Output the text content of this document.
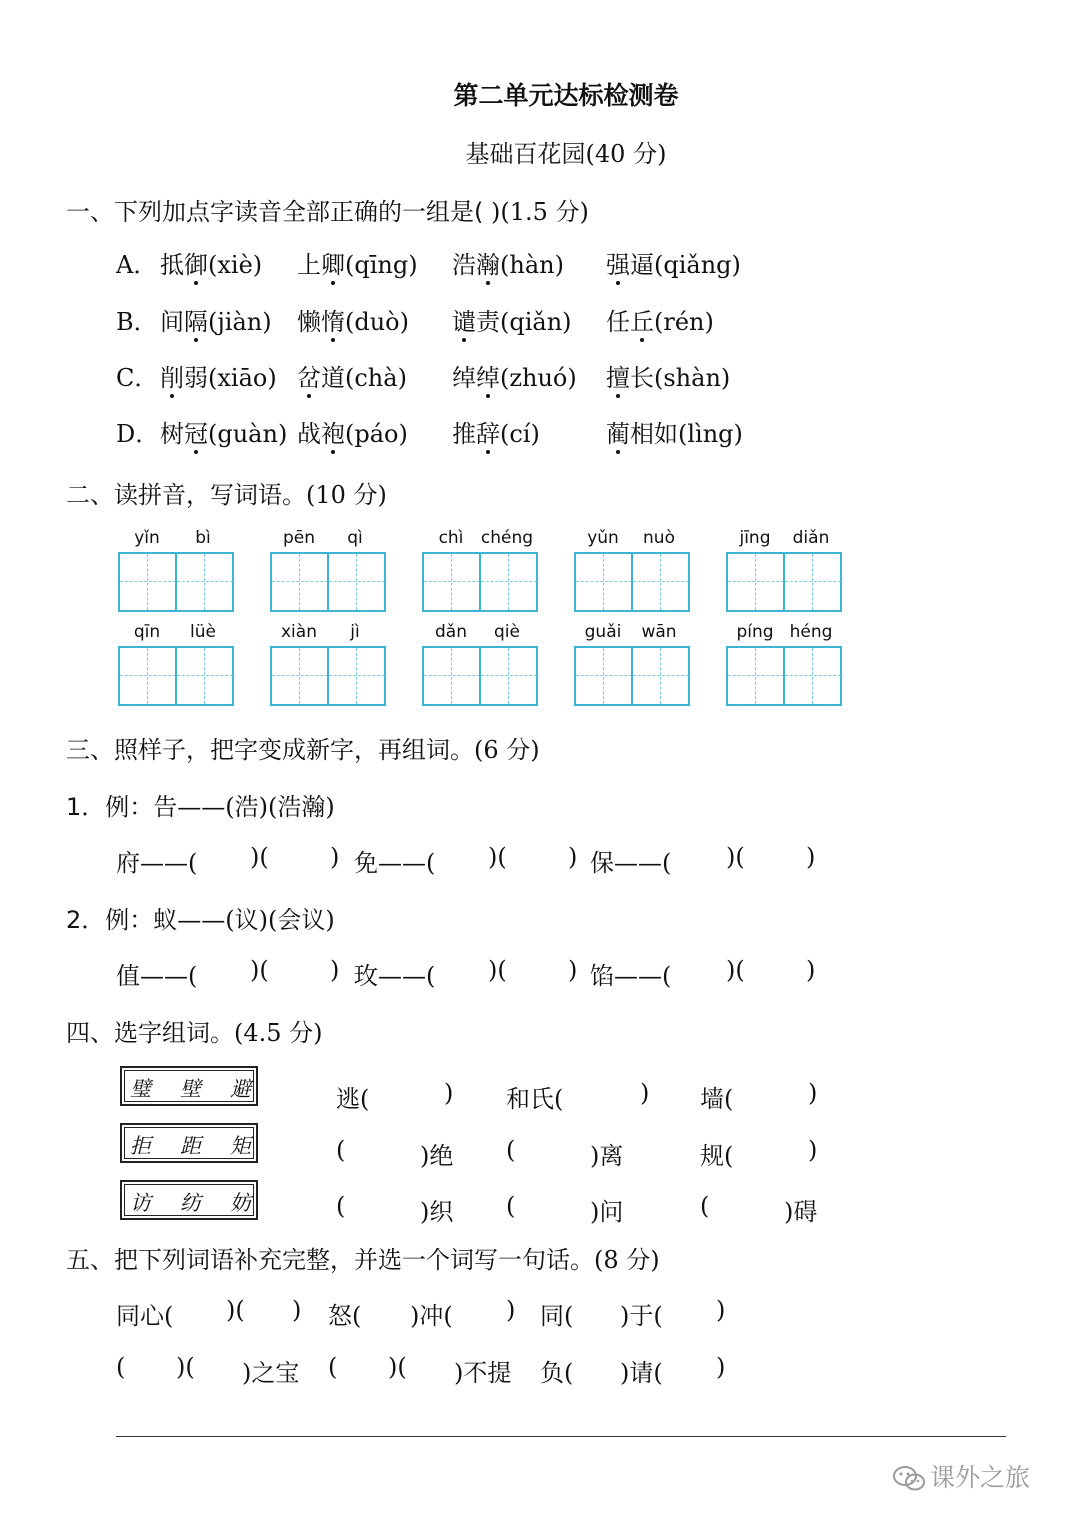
第二单元达标检测卷
基础百花园(40 分)
一、下列加点字读音全部正确的一组是( )(1.5 分)
A． 抵御(xiè) 上卿(qīng) 浩瀚(hàn) 强逼(qiǎng)
B． 间隔(jiàn) 懒惰(duò) 谴责(qiǎn) 任丘(rén)
C． 削弱(xiāo) 岔道(chà) 绰绰(zhuó) 擅长(shàn)
D． 树冠(guàn) 战袍(páo) 推辞(cí)	蔺相如(lìng)
二、读拼音，写词语。(10 分)
yǐn	bì	pēn	qì	chì	chéng	yǔn	nuò	jīng	diǎn
qīn	lüè	xiàn	jì	dǎn	qiè	guǎi	wān	píng héng
三、照样子，把字变成新字，再组词。(6 分)
1．例：告——(浩)(浩瀚)
府——( )(	) 免——( )(	) 保——( )(	)
2．例：蚁——(议)(会议)
值——( )(	) 玫——( )(	) 馅——( )(	)
四、选字组词。(4.5 分)
璧 壁 避
拒 距 矩
访 纺 妨
逃(	) 和氏(	) 墙(	)
(	)绝 (	)离	规(	)
(	)织 (	)问	(	)碍
五、把下列词语补充完整，并选一个词写一句话。(8 分)
同心( )( ) 怒( )冲( ) 同( )于( )
( )( )之宝 ( )( )不提 负( )请( )
课外之旅
